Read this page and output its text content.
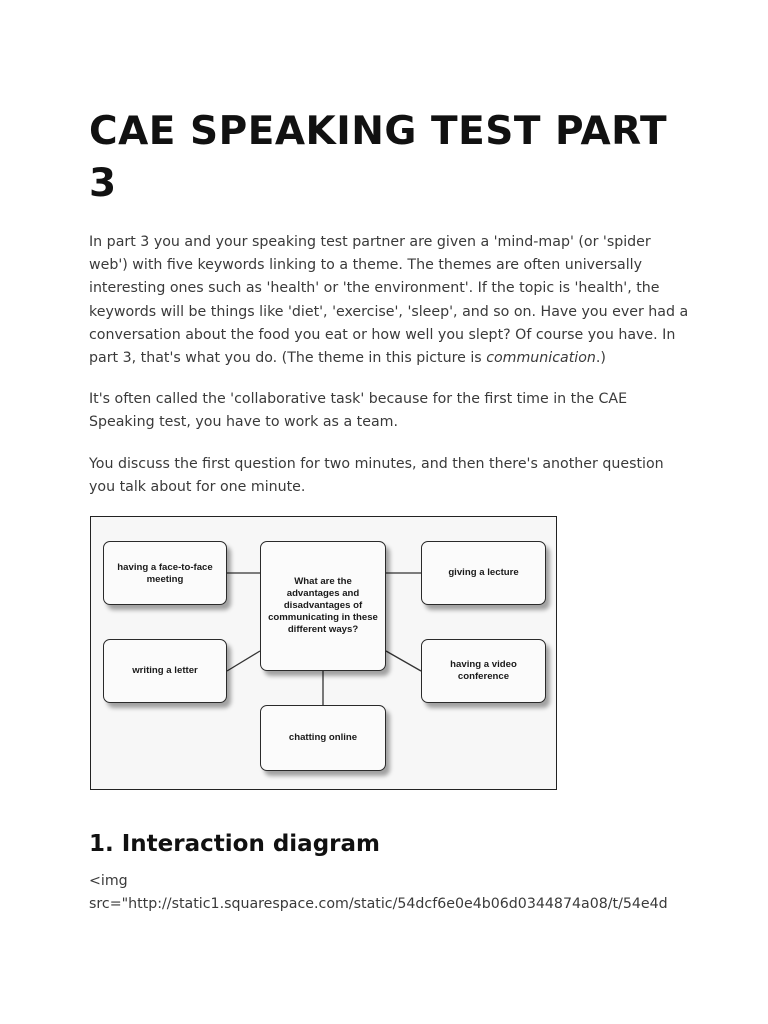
CAE SPEAKING TEST PART 3

In part 3 you and your speaking test partner are given a 'mind-map' (or 'spider web') with five keywords linking to a theme. The themes are often universally interesting ones such as 'health' or 'the environment'. If the topic is 'health', the keywords will be things like 'diet', 'exercise', 'sleep', and so on. Have you ever had a conversation about the food you eat or how well you slept? Of course you have. In part 3, that's what you do. (The theme in this picture is communication.)

It's often called the 'collaborative task' because for the first time in the CAE Speaking test, you have to work as a team.

You discuss the first question for two minutes, and then there's another question you talk about for one minute.

having a face-to-face meeting
writing a letter
What are the advantages and disadvantages of communicating in these different ways?
giving a lecture
having a video conference
chatting online
1. Interaction diagram

<img

src="http://static1.squarespace.com/static/54dcf6e0e4b06d0344874a08/t/54e4d
